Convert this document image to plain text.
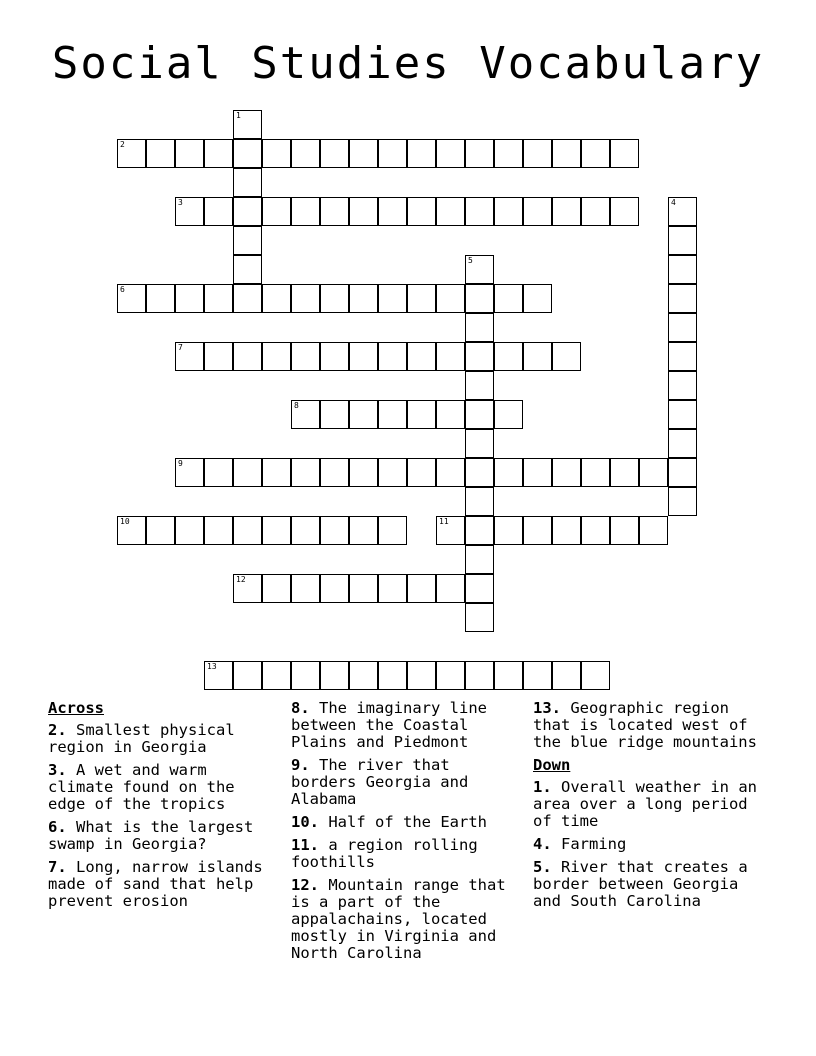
Social Studies Vocabulary
1
2
3	4
5
6
7
8
9
10	11
12
13
Across
2. Smallest physical region in Georgia
3. A wet and warm climate found on the edge of the tropics
6. What is the largest swamp in Georgia?
7. Long, narrow islands made of sand that help prevent erosion
8. The imaginary line between the Coastal Plains and Piedmont
9. The river that borders Georgia and Alabama
10. Half of the Earth
11. a region rolling foothills
12. Mountain range that is a part of the appalachains, located mostly in Virginia and North Carolina
13. Geographic region that is located west of the blue ridge mountains
Down
1. Overall weather in an area over a long period of time
4. Farming
5. River that creates a border between Georgia and South Carolina
